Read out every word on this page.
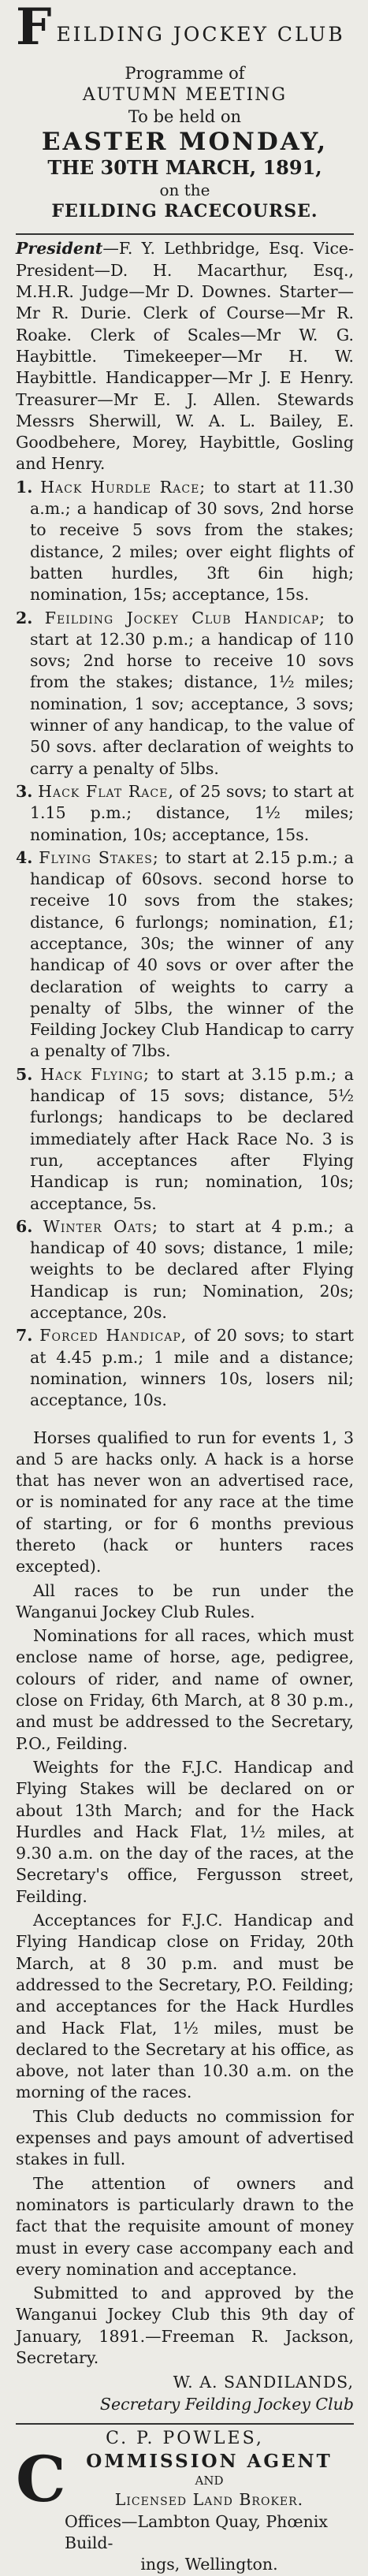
F EILDING JOCKEY CLUB
Programme of
AUTUMN MEETING
To be held on
EASTER MONDAY,
THE 30TH MARCH, 1891,
on the
FEILDING RACECOURSE.

President—F. Y. Lethbridge, Esq. Vice-President—D. H. Macarthur, Esq., M.H.R. Judge—Mr D. Downes. Starter—Mr R. Durie. Clerk of Course—Mr R. Roake. Clerk of Scales—Mr W. G. Haybittle. Timekeeper—Mr H. W. Haybittle. Handicapper—Mr J. E Henry. Treasurer—Mr E. J. Allen. Stewards Messrs Sherwill, W. A. L. Bailey, E. Goodbehere, Morey, Haybittle, Gosling and Henry.

1. Hack Hurdle Race; to start at 11.30 a.m.; a handicap of 30 sovs, 2nd horse to receive 5 sovs from the stakes; distance, 2 miles; over eight flights of batten hurdles, 3ft 6in high; nomination, 15s; acceptance, 15s.

2. Feilding Jockey Club Handicap; to start at 12.30 p.m.; a handicap of 110 sovs; 2nd horse to receive 10 sovs from the stakes; distance, 1½ miles; nomination, 1 sov; acceptance, 3 sovs; winner of any handicap, to the value of 50 sovs. after declaration of weights to carry a penalty of 5lbs.

3. Hack Flat Race, of 25 sovs; to start at 1.15 p.m.; distance, 1½ miles; nomination, 10s; acceptance, 15s.

4. Flying Stakes; to start at 2.15 p.m.; a handicap of 60sovs. second horse to receive 10 sovs from the stakes; distance, 6 furlongs; nomination, £1; acceptance, 30s; the winner of any handicap of 40 sovs or over after the declaration of weights to carry a penalty of 5lbs, the winner of the Feilding Jockey Club Handicap to carry a penalty of 7lbs.

5. Hack Flying; to start at 3.15 p.m.; a handicap of 15 sovs; distance, 5½ furlongs; handicaps to be declared immediately after Hack Race No. 3 is run, acceptances after Flying Handicap is run; nomination, 10s; acceptance, 5s.

6. Winter Oats; to start at 4 p.m.; a handicap of 40 sovs; distance, 1 mile; weights to be declared after Flying Handicap is run; Nomination, 20s; acceptance, 20s.

7. Forced Handicap, of 20 sovs; to start at 4.45 p.m.; 1 mile and a distance; nomination, winners 10s, losers nil; acceptance, 10s.

Horses qualified to run for events 1, 3 and 5 are hacks only. A hack is a horse that has never won an advertised race, or is nominated for any race at the time of starting, or for 6 months previous thereto (hack or hunters races excepted).

All races to be run under the Wanganui Jockey Club Rules.

Nominations for all races, which must enclose name of horse, age, pedigree, colours of rider, and name of owner, close on Friday, 6th March, at 8 30 p.m., and must be addressed to the Secretary, P.O., Feilding.

Weights for the F.J.C. Handicap and Flying Stakes will be declared on or about 13th March; and for the Hack Hurdles and Hack Flat, 1½ miles, at 9.30 a.m. on the day of the races, at the Secretary's office, Fergusson street, Feilding.

Acceptances for F.J.C. Handicap and Flying Handicap close on Friday, 20th March, at 8 30 p.m. and must be addressed to the Secretary, P.O. Feilding; and acceptances for the Hack Hurdles and Hack Flat, 1½ miles, must be declared to the Secretary at his office, as above, not later than 10.30 a.m. on the morning of the races.

This Club deducts no commission for expenses and pays amount of advertised stakes in full.

The attention of owners and nominators is particularly drawn to the fact that the requisite amount of money must in every case accompany each and every nomination and acceptance.

Submitted to and approved by the Wanganui Jockey Club this 9th day of January, 1891.—Freeman R. Jackson, Secretary.

W. A. SANDILANDS,
Secretary Feilding Jockey Club
C. P. POWLES,
C	OMMISSION AGENT
AND
Licensed Land Broker.
Offices—Lambton Quay, Phœnix Build-
ings, Wellington.
